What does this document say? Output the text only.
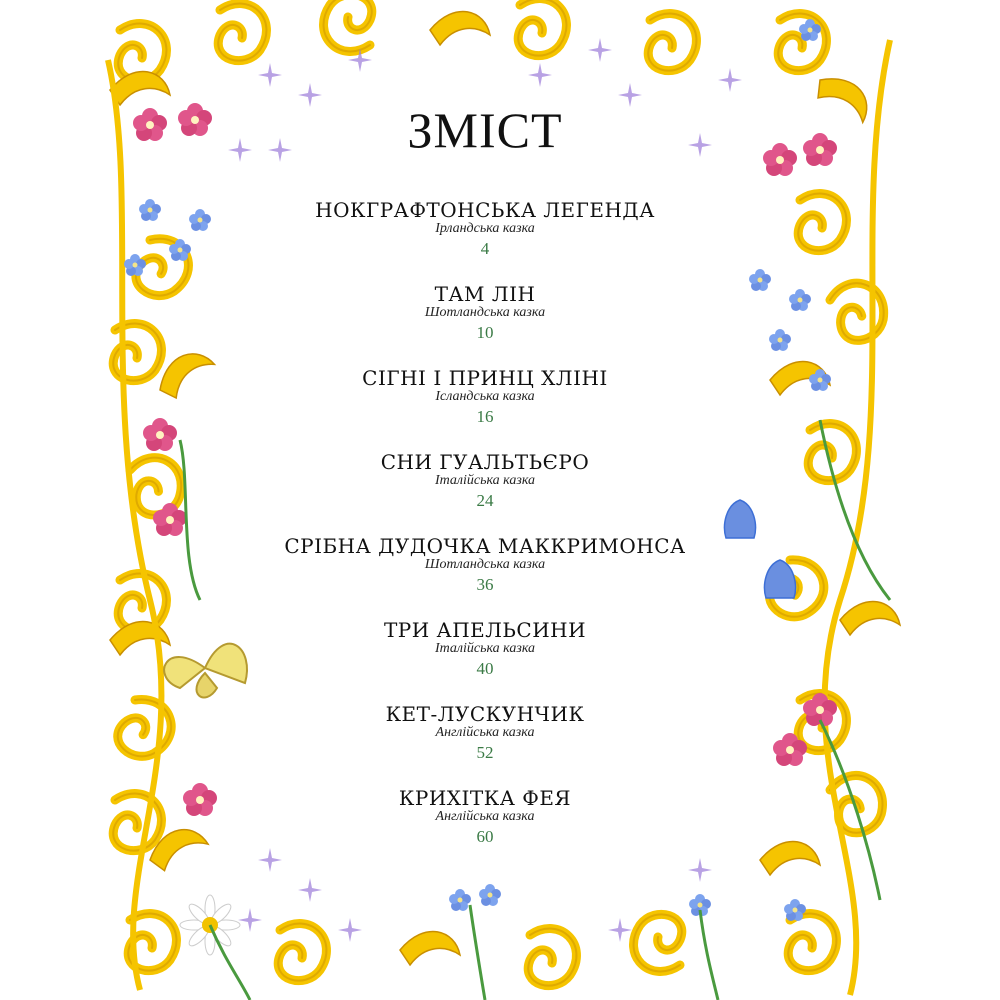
ЗМІСТ
НОКГРАФТОНСЬКА ЛЕГЕНДА
Ірландська казка
4
ТАМ ЛІН
Шотландська казка
10
СІГНІ І ПРИНЦ ХЛІНІ
Ісландська казка
16
СНИ ГУАЛЬТЬЄРО
Італійська казка
24
СРІБНА ДУДОЧКА МАККРИМОНСА
Шотландська казка
36
ТРИ АПЕЛЬСИНИ
Італійська казка
40
КЕТ-ЛУСКУНЧИК
Англійська казка
52
КРИХІТКА ФЕЯ
Англійська казка
60
